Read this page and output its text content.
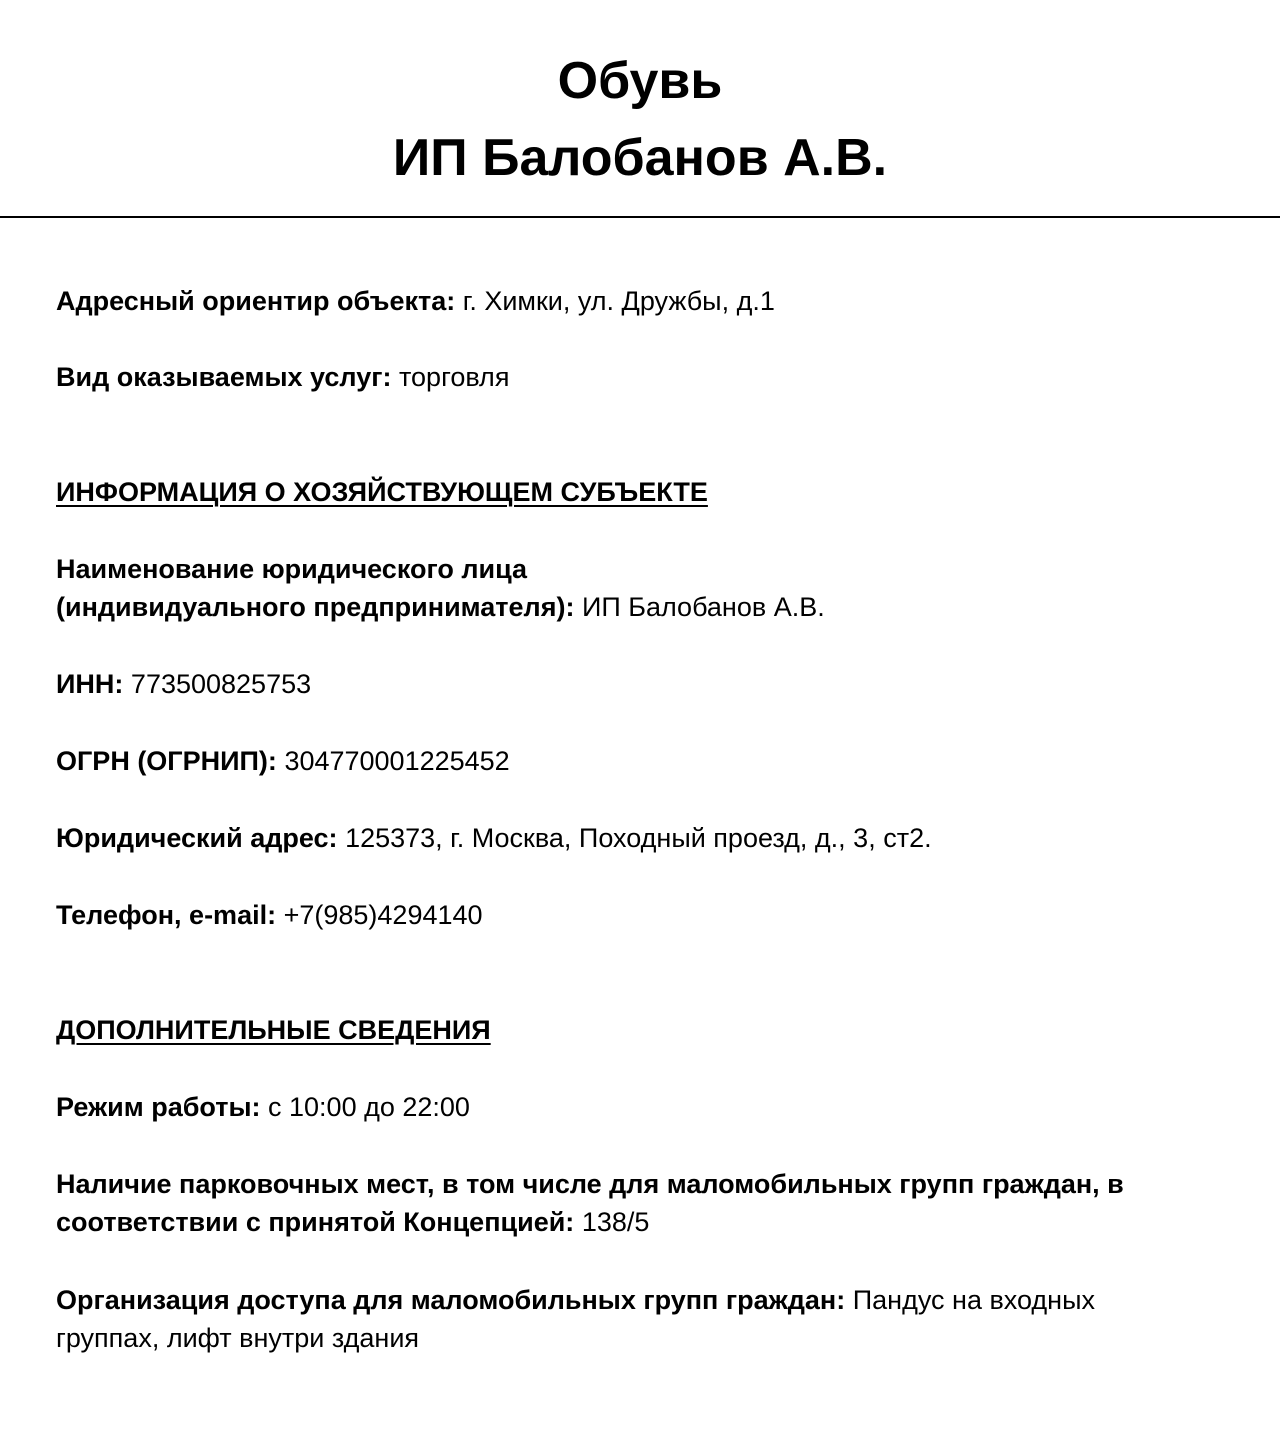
Обувь
ИП Балобанов А.В.
Адресный ориентир объекта: г. Химки, ул. Дружбы, д.1
Вид оказываемых услуг: торговля
ИНФОРМАЦИЯ О ХОЗЯЙСТВУЮЩЕМ СУБЪЕКТЕ
Наименование юридического лица
(индивидуального предпринимателя): ИП Балобанов А.В.
ИНН: 773500825753
ОГРН (ОГРНИП): 304770001225452
Юридический адрес: 125373, г. Москва, Походный проезд, д., 3, ст2.
Телефон, e-mail: +7(985)4294140
ДОПОЛНИТЕЛЬНЫЕ СВЕДЕНИЯ
Режим работы: с 10:00 до 22:00
Наличие парковочных мест, в том числе для маломобильных групп граждан, в
соответствии с принятой Концепцией: 138/5
Организация доступа для маломобильных групп граждан: Пандус на входных
группах, лифт внутри здания
